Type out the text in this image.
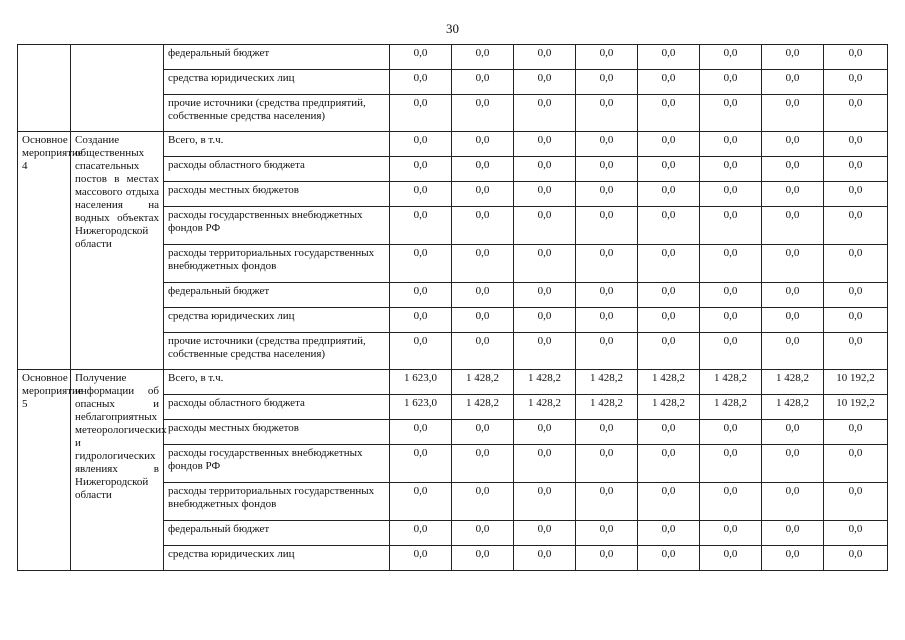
30
		федеральный бюджет	0,0	0,0	0,0	0,0	0,0	0,0	0,0	0,0
		средства юридических лиц	0,0	0,0	0,0	0,0	0,0	0,0	0,0	0,0
		прочие источники (средства предприятий, собственные средства населения)	0,0	0,0	0,0	0,0	0,0	0,0	0,0	0,0
Основное мероприятие 4	Создание общественных спасательных постов в местах массового отдыха населения на водных объектах Нижегородской области	Всего, в т.ч.	0,0	0,0	0,0	0,0	0,0	0,0	0,0	0,0
		расходы областного бюджета	0,0	0,0	0,0	0,0	0,0	0,0	0,0	0,0
		расходы местных бюджетов	0,0	0,0	0,0	0,0	0,0	0,0	0,0	0,0
		расходы государственных внебюджетных фондов РФ	0,0	0,0	0,0	0,0	0,0	0,0	0,0	0,0
		расходы территориальных государственных внебюджетных фондов	0,0	0,0	0,0	0,0	0,0	0,0	0,0	0,0
		федеральный бюджет	0,0	0,0	0,0	0,0	0,0	0,0	0,0	0,0
		средства юридических лиц	0,0	0,0	0,0	0,0	0,0	0,0	0,0	0,0
		прочие источники (средства предприятий, собственные средства населения)	0,0	0,0	0,0	0,0	0,0	0,0	0,0	0,0
Основное мероприятие 5	Получение информации об опасных и неблагоприятных метеорологических и гидрологических явлениях в Нижегородской области	Всего, в т.ч.	1 623,0	1 428,2	1 428,2	1 428,2	1 428,2	1 428,2	1 428,2	10 192,2
		расходы областного бюджета	1 623,0	1 428,2	1 428,2	1 428,2	1 428,2	1 428,2	1 428,2	10 192,2
		расходы местных бюджетов	0,0	0,0	0,0	0,0	0,0	0,0	0,0	0,0
		расходы государственных внебюджетных фондов РФ	0,0	0,0	0,0	0,0	0,0	0,0	0,0	0,0
		расходы территориальных государственных внебюджетных фондов	0,0	0,0	0,0	0,0	0,0	0,0	0,0	0,0
		федеральный бюджет	0,0	0,0	0,0	0,0	0,0	0,0	0,0	0,0
		средства юридических лиц	0,0	0,0	0,0	0,0	0,0	0,0	0,0	0,0
